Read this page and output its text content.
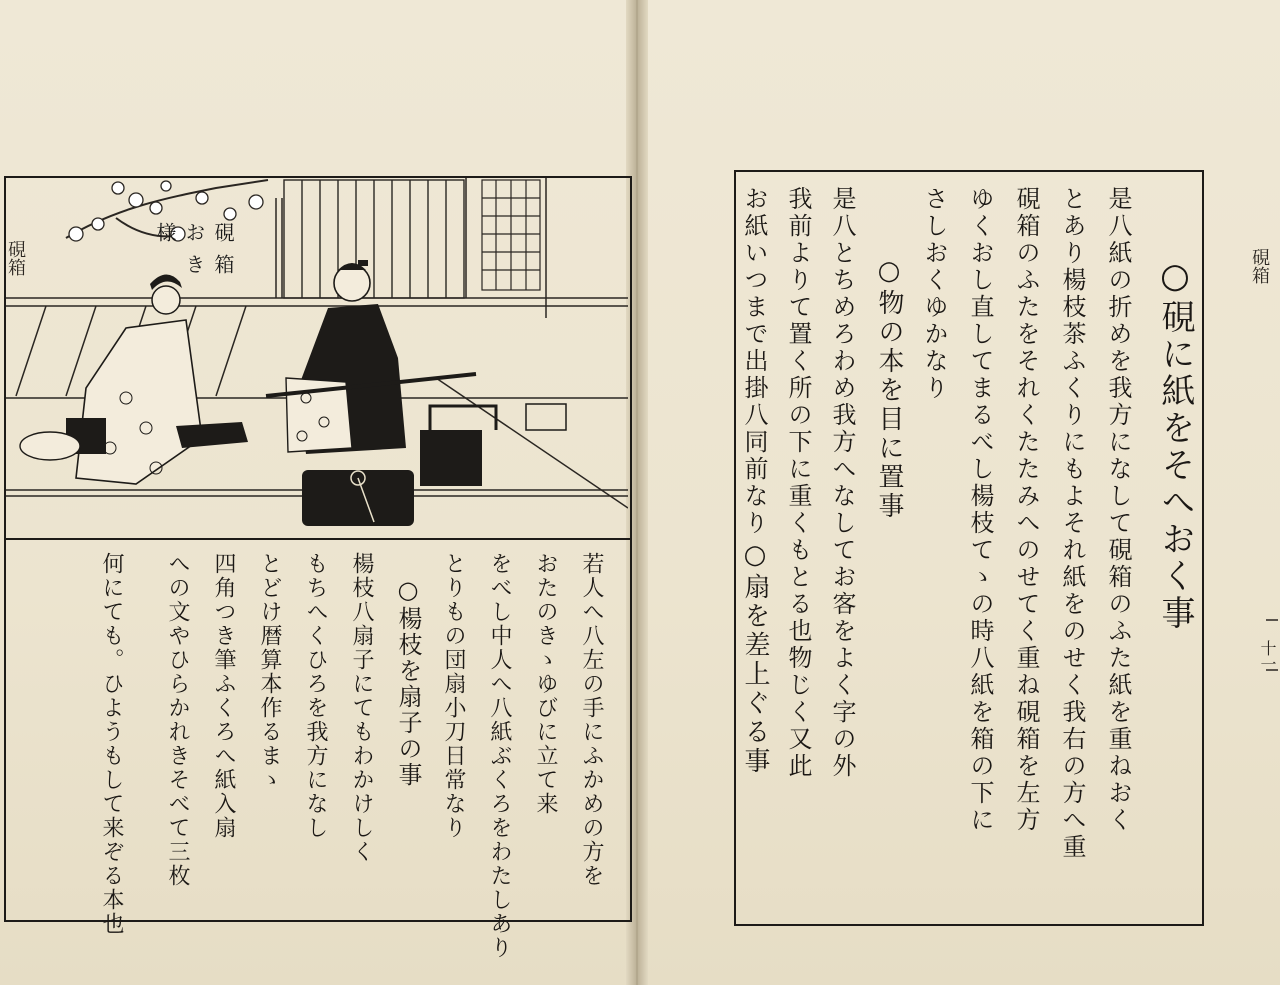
硯箱	硯箱
十一
硯箱おき様
○硯に紙をそへおく事
是八紙の折めを我方になして硯箱のふた紙を重ねおく
とあり楊枝茶ふくりにもよそれ紙をのせく我右の方へ重
硯箱のふたをそれくたたみへのせてく重ね硯箱を左方
ゆくおし直してまるべし楊枝てゝの時八紙を箱の下に
さしおくゆかなり
○物の本を目に置事
是八とちめろわめ我方へなしてお客をよく字の外
我前よりて置く所の下に重くもとる也物じく又此
お紙いつまで出掛八同前なり
○扇を差上ぐる事
若人へ八左の手にふかめの方を
おたのきゝゆびに立て来
をべし中人へ八紙ぶくろをわたしあり
とりもの団扇小刀日常なり
○楊枝を扇子の事
楊枝八扇子にてもわかけしく
もちへくひろを我方になし
とどけ暦算本作るまゝ
四角つき筆ふくろへ紙入扇
への文やひらかれきそべて三枚
何にても。ひようもして来ぞる本也
